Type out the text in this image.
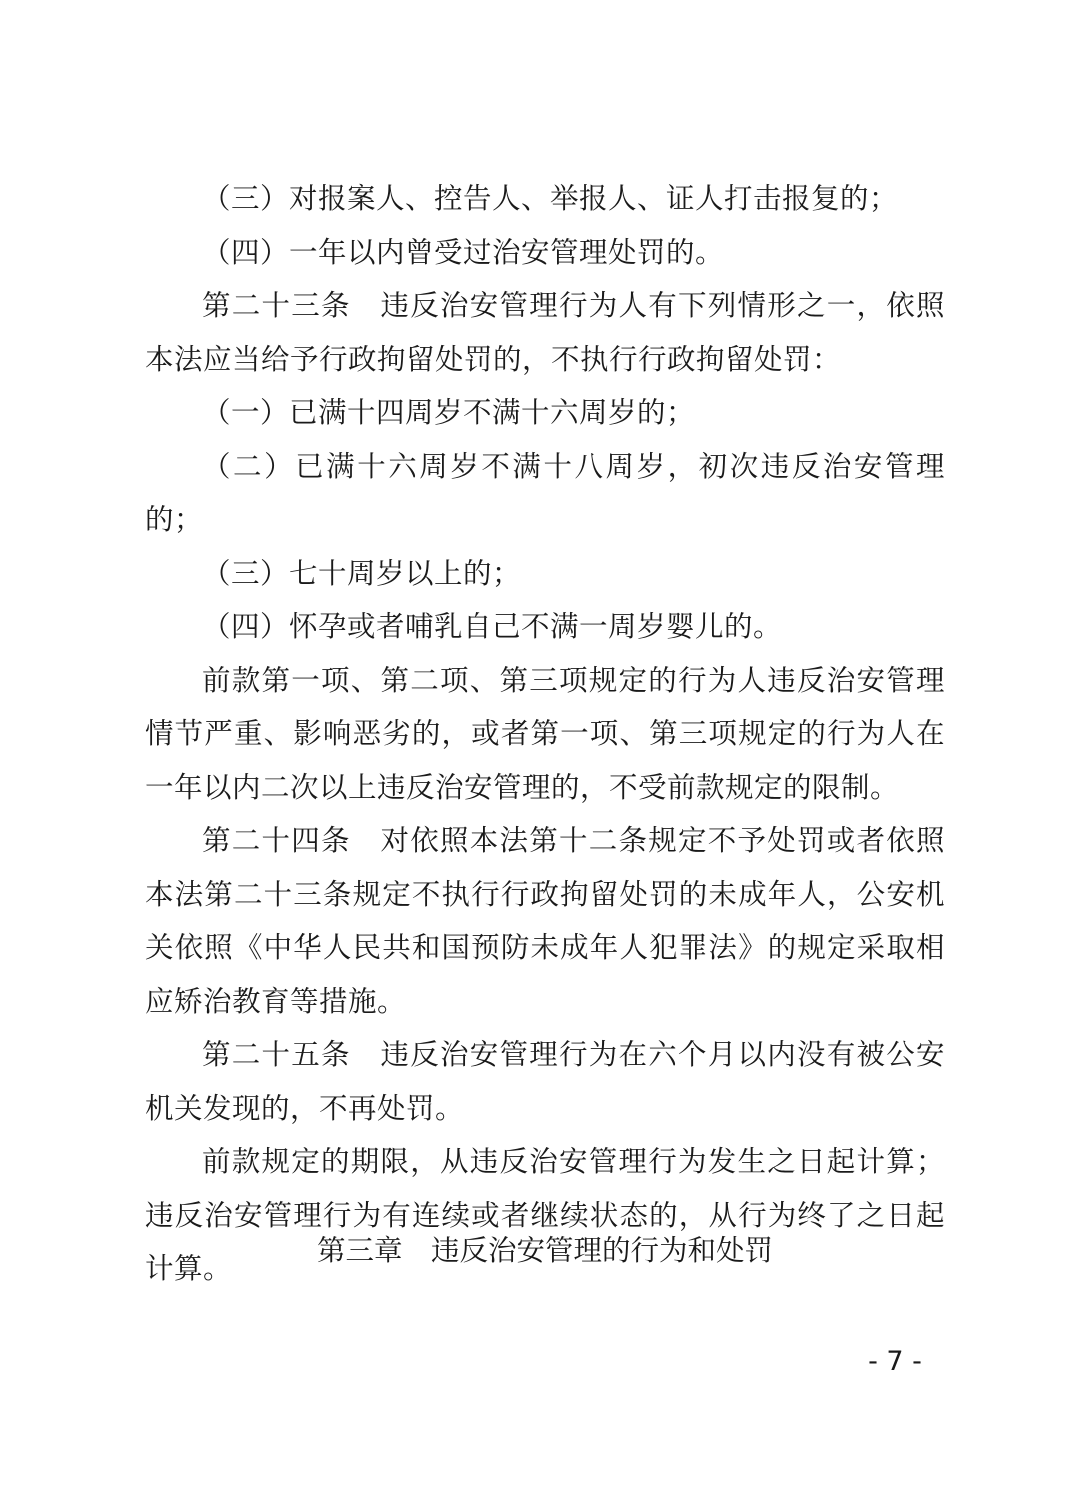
（三）对报案人、控告人、举报人、证人打击报复的；

（四）一年以内曾受过治安管理处罚的。

第二十三条　违反治安管理行为人有下列情形之一，依照本法应当给予行政拘留处罚的，不执行行政拘留处罚：

（一）已满十四周岁不满十六周岁的；

（二）已满十六周岁不满十八周岁，初次违反治安管理的；

（三）七十周岁以上的；

（四）怀孕或者哺乳自己不满一周岁婴儿的。

前款第一项、第二项、第三项规定的行为人违反治安管理情节严重、影响恶劣的，或者第一项、第三项规定的行为人在一年以内二次以上违反治安管理的，不受前款规定的限制。

第二十四条　对依照本法第十二条规定不予处罚或者依照本法第二十三条规定不执行行政拘留处罚的未成年人，公安机关依照《中华人民共和国预防未成年人犯罪法》的规定采取相应矫治教育等措施。

第二十五条　违反治安管理行为在六个月以内没有被公安机关发现的，不再处罚。

前款规定的期限，从违反治安管理行为发生之日起计算；违反治安管理行为有连续或者继续状态的，从行为终了之日起计算。

第三章　违反治安管理的行为和处罚
- 7 -
